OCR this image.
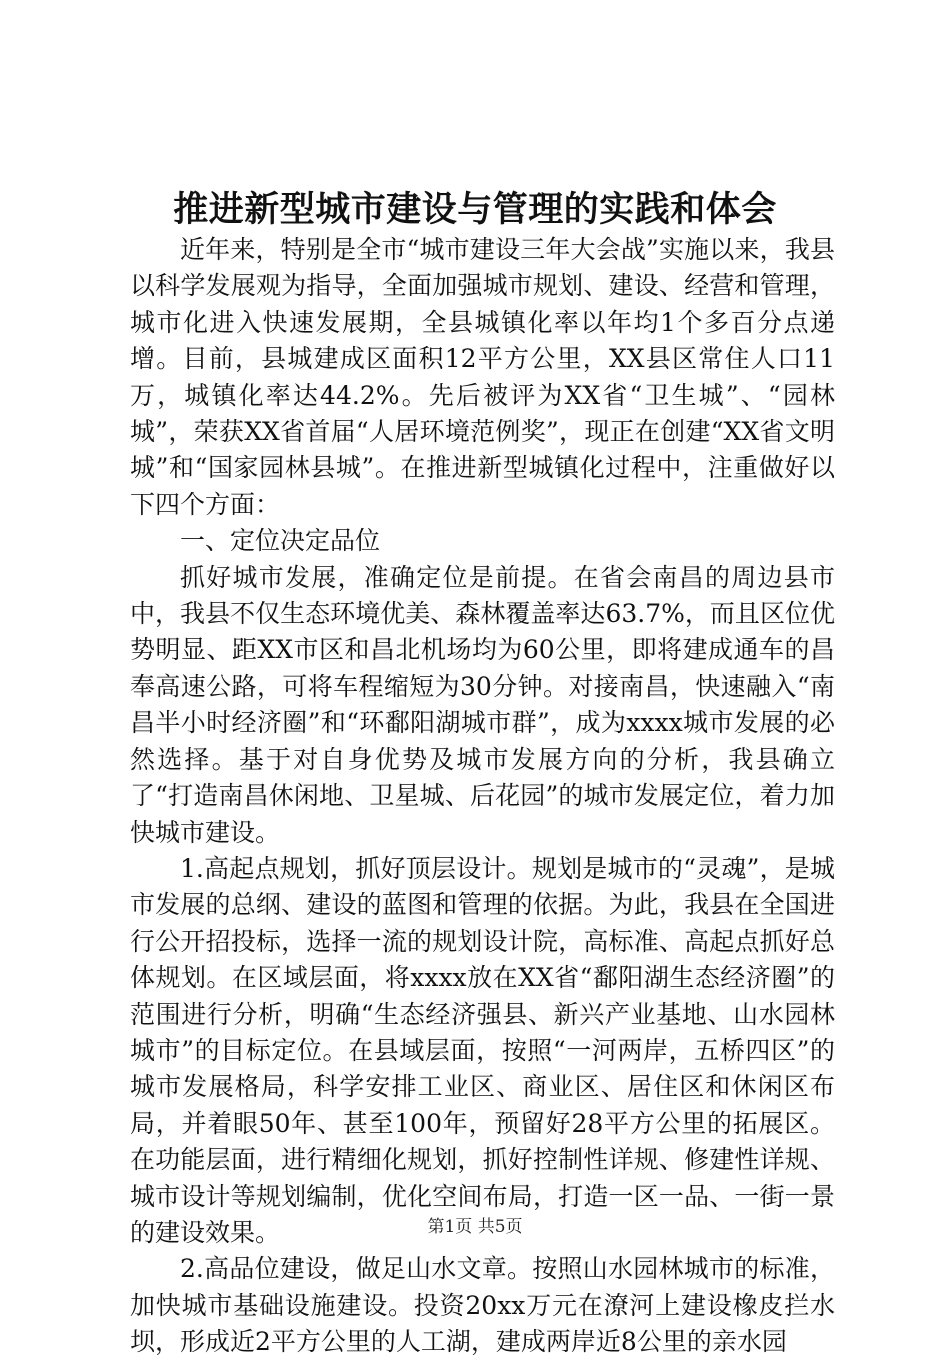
推进新型城市建设与管理的实践和体会

近年来，特别是全市“城市建设三年大会战”实施以来，我县以科学发展观为指导，全面加强城市规划、建设、经营和管理，城市化进入快速发展期，全县城镇化率以年均1个多百分点递增。目前，县城建成区面积12平方公里，XX县区常住人口11万，城镇化率达44.2%。先后被评为XX省“卫生城”、“园林城”，荣获XX省首届“人居环境范例奖”，现正在创建“XX省文明城”和“国家园林县城”。在推进新型城镇化过程中，注重做好以下四个方面：

一、定位决定品位

抓好城市发展，准确定位是前提。在省会南昌的周边县市中，我县不仅生态环境优美、森林覆盖率达63.7%，而且区位优势明显、距XX市区和昌北机场均为60公里，即将建成通车的昌奉高速公路，可将车程缩短为30分钟。对接南昌，快速融入“南昌半小时经济圈”和“环鄱阳湖城市群”，成为xxxx城市发展的必然选择。基于对自身优势及城市发展方向的分析，我县确立了“打造南昌休闲地、卫星城、后花园”的城市发展定位，着力加快城市建设。

1.高起点规划，抓好顶层设计。规划是城市的“灵魂”，是城市发展的总纲、建设的蓝图和管理的依据。为此，我县在全国进行公开招投标，选择一流的规划设计院，高标准、高起点抓好总体规划。在区域层面，将xxxx放在XX省“鄱阳湖生态经济圈”的范围进行分析，明确“生态经济强县、新兴产业基地、山水园林城市”的目标定位。在县域层面，按照“一河两岸，五桥四区”的城市发展格局，科学安排工业区、商业区、居住区和休闲区布局，并着眼50年、甚至100年，预留好28平方公里的拓展区。在功能层面，进行精细化规划，抓好控制性详规、修建性详规、城市设计等规划编制，优化空间布局，打造一区一品、一街一景的建设效果。

2.高品位建设，做足山水文章。按照山水园林城市的标准，加快城市基础设施建设。投资20xx万元在潦河上建设橡皮拦水坝，形成近2平方公里的人工湖，建成两岸近8公里的亲水园

第1页 共5页
